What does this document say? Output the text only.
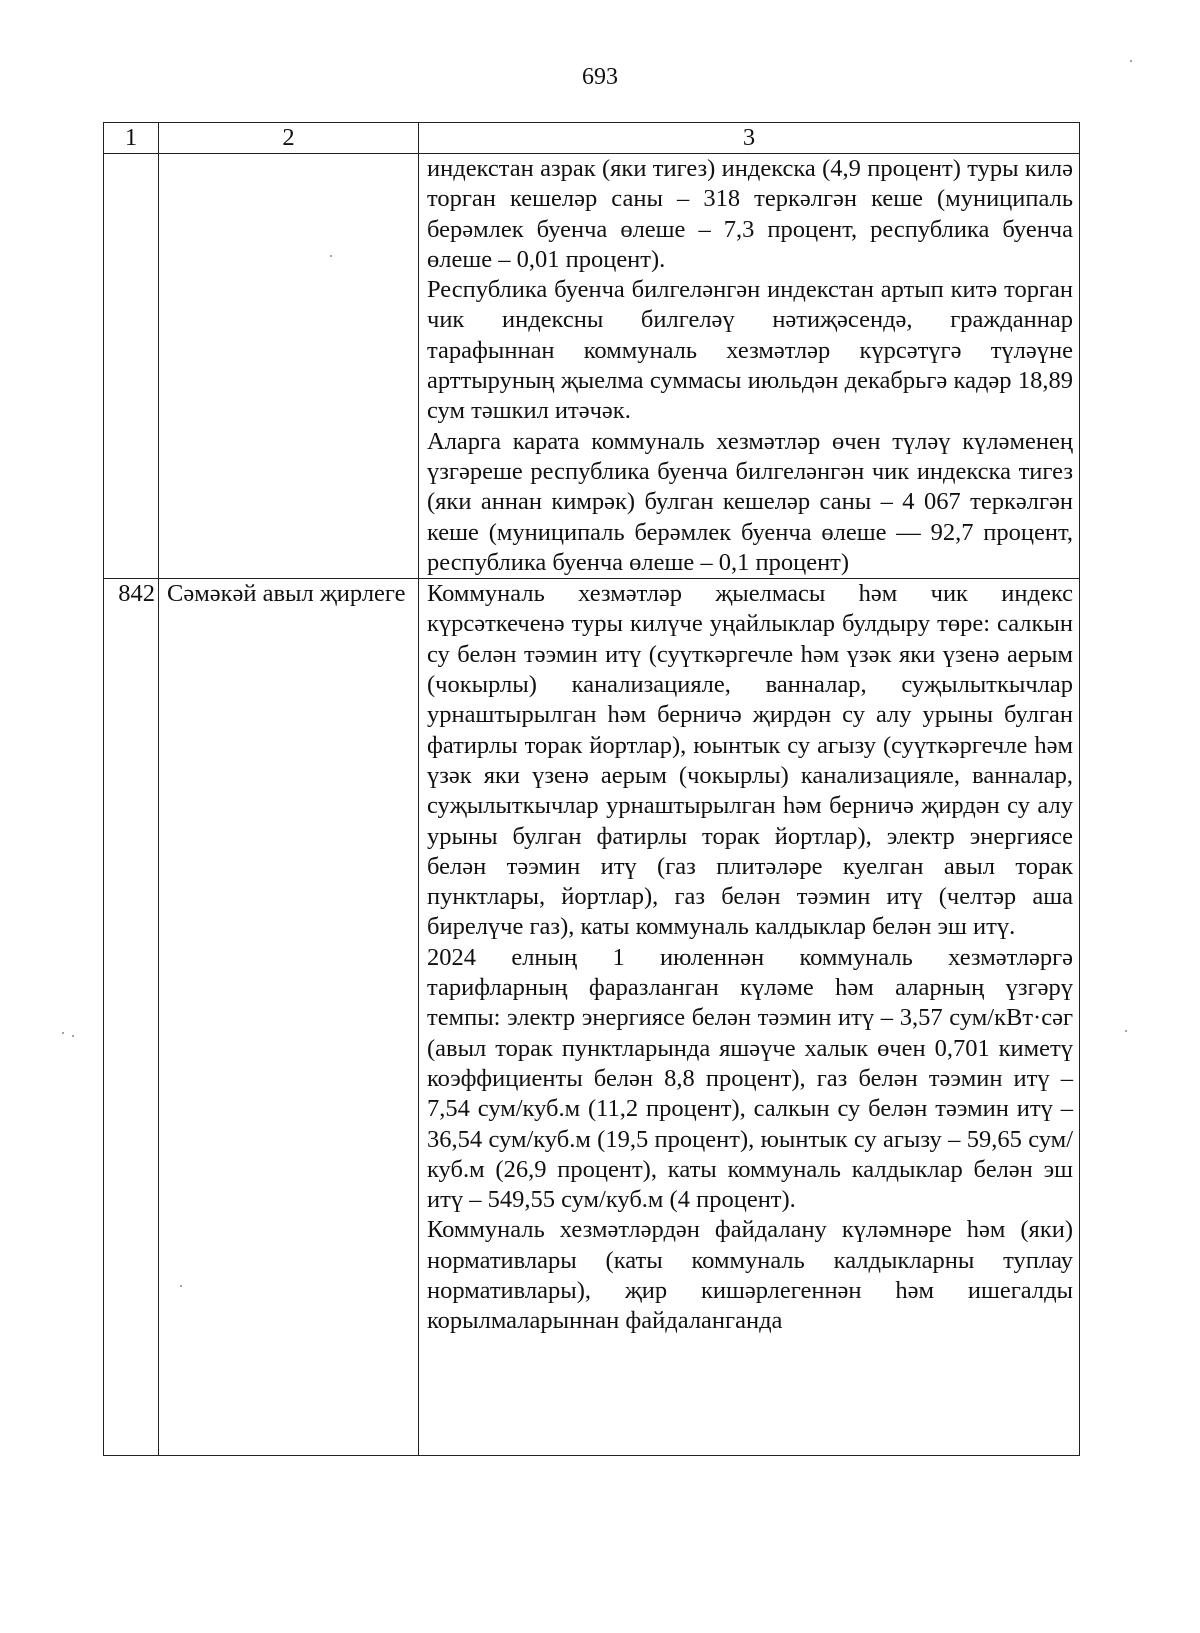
693
1	2	3

		индекстан азрак (яки тигез) индекска (4,9 процент) туры килә торган кешеләр саны – 318 теркәлгән кеше (муниципаль берәмлек буенча өлеше – 7,3 процент, республика буенча өлеше – 0,01 процент).

Республика буенча билгеләнгән индекстан артып китә торган чик индексны билгеләү нәтиҗәсендә, гражданнар тарафыннан коммуналь хезмәтләр күрсәтүгә түләүне арттыруның җыелма суммасы июльдән декабрьгә кадәр 18,89 сум тәшкил итәчәк.

Аларга карата коммуналь хезмәтләр өчен түләү күләменең үзгәреше республика буенча билгеләнгән чик индекска тигез (яки аннан кимрәк) булган кешеләр саны – 4 067 теркәлгән кеше (муниципаль берәмлек буенча өлеше — 92,7 процент, республика буенча өлеше – 0,1 процент)

842	Сәмәкәй авыл җирлеге	Коммуналь хезмәтләр җыелмасы һәм чик индекс күрсәткеченә туры килүче уңайлыклар булдыру төре: салкын су белән тәэмин итү (суүткәргечле һәм үзәк яки үзенә аерым (чокырлы) канализацияле, ванналар, суҗылыткычлар урнаштырылган һәм берничә җирдән су алу урыны булган фатирлы торак йортлар), юынтык су агызу (суүткәргечле һәм үзәк яки үзенә аерым (чокырлы) канализацияле, ванналар, суҗылыткычлар урнаштырылган һәм берничә җирдән су алу урыны булган фатирлы торак йортлар), электр энергиясе белән тәэмин итү (газ плитәләре куелган авыл торак пунктлары, йортлар), газ белән тәэмин итү (челтәр аша бирелүче газ), каты коммуналь калдыклар белән эш итү.

2024 елның 1 июленнән коммуналь хезмәтләргә тарифларның фаразланган күләме һәм аларның үзгәрү темпы: электр энергиясе белән тәэмин итү – 3,57 сум/кВт·сәг (авыл торак пунктларында яшәүче халык өчен 0,701 киметү коэффициенты белән 8,8 процент), газ белән тәэмин итү – 7,54 сум/куб.м (11,2 процент), салкын су белән тәэмин итү – 36,54 сум/куб.м (19,5 процент), юынтык су агызу – 59,65 сум/куб.м (26,9 процент), каты коммуналь калдыклар белән эш итү – 549,55 сум/куб.м (4 процент).

Коммуналь хезмәтләрдән файдалану күләмнәре һәм (яки) нормативлары (каты коммуналь калдыкларны туплау нормативлары), җир кишәрлегеннән һәм ишегалды корылмаларыннан файдаланганда
